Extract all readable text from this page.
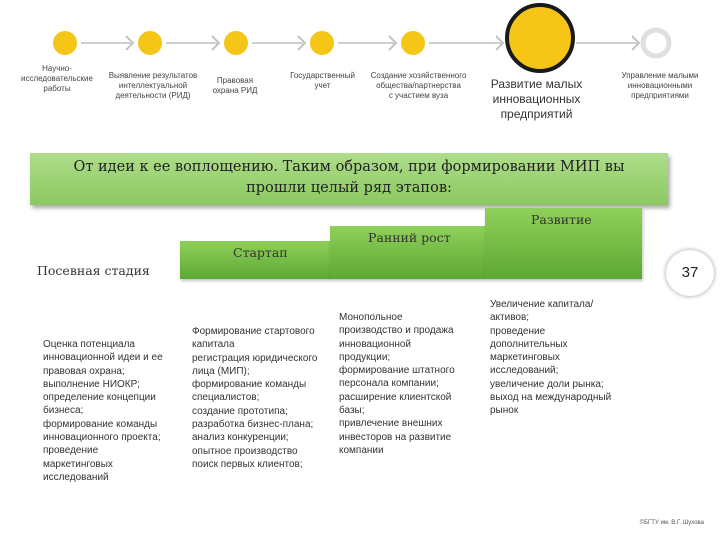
Научно-
исследовательские
работы
Выявление результатов
интеллектуальной
деятельности (РИД)
Правовая
охрана РИД
Государственный
учет
Создание хозяйственного
общества/партнерства
с участием вуза
Развитие малых
инновационных
предприятий
Управление малыми
инновационными
предприятиями
От идеи к ее воплощению. Таким образом, при формировании МИП вы
прошли целый ряд этапов:
Посевная стадия
Стартап
Ранний рост
Развитие
Оценка потенциала
инновационной идеи и ее
правовая охрана;
выполнение НИОКР;
определение концепции
бизнеса;
формирование команды
инновационного проекта;
проведение
маркетинговых
исследований
Формирование стартового
капитала
регистрация юридического
лица (МИП);
формирование команды
специалистов;
создание прототипа;
разработка бизнес-плана;
анализ конкуренции;
опытное производство
поиск первых клиентов;
Монопольное
производство и продажа
инновационной
продукции;
формирование штатного
персонала компании;
расширение клиентской
базы;
привлечение внешних
инвесторов на развитие
компании
Увеличение капитала/
активов;
проведение
дополнительных
маркетинговых
исследований;
увеличение доли рынка;
выход на международный
рынок
37
©БГТУ им. В.Г. Шухова
